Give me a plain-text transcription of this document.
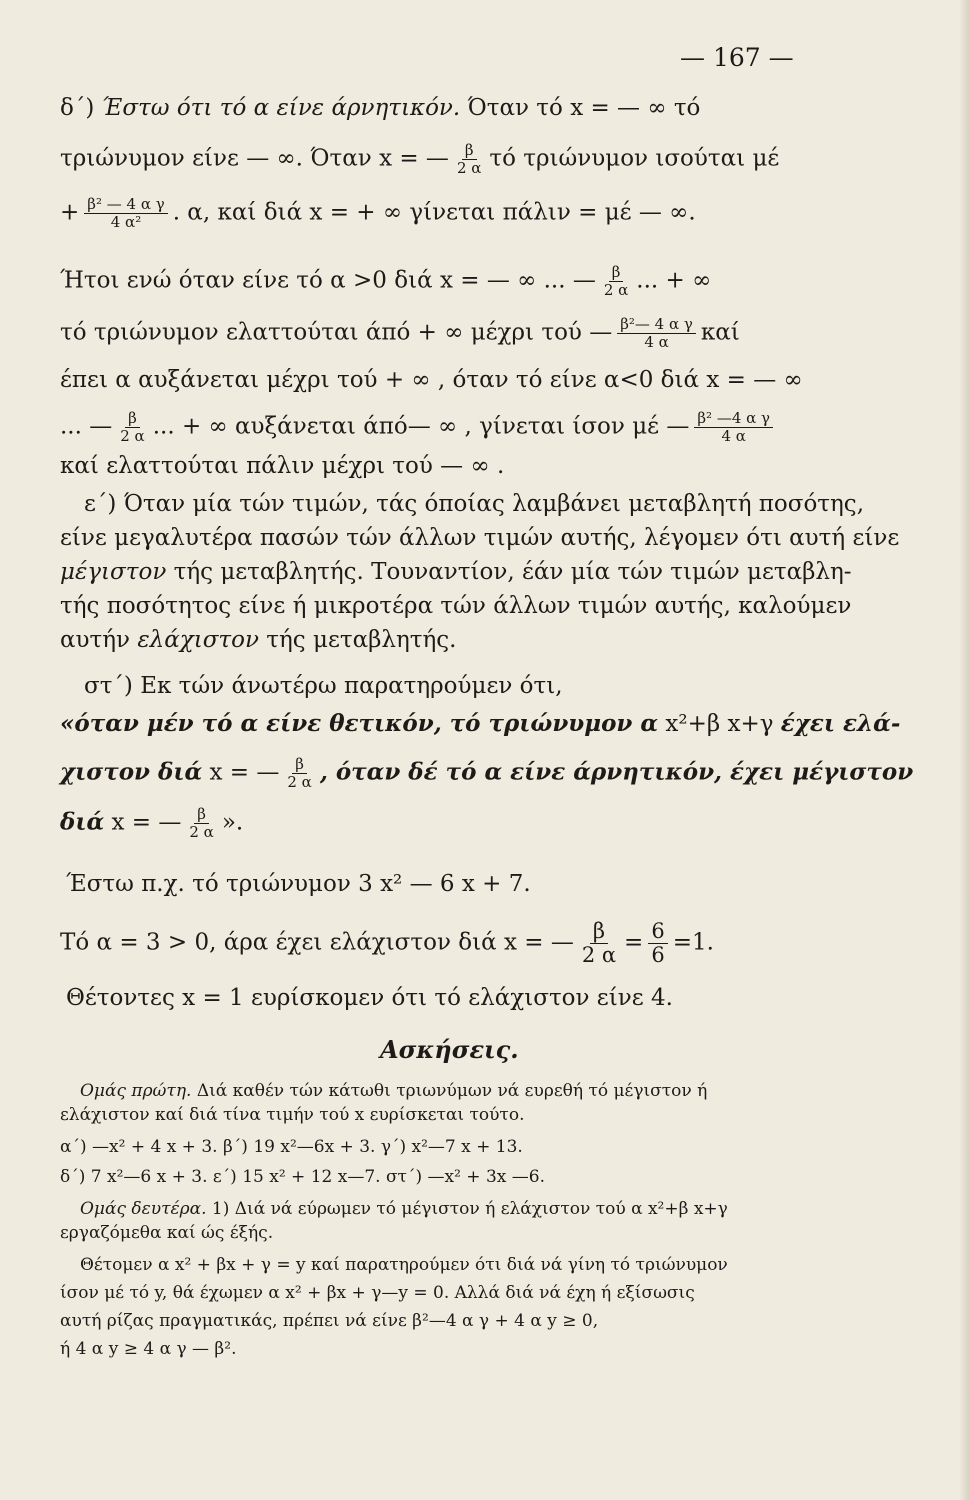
— 167 —
δ΄) Έστω ότι τό α είνε άρνητικόν. Όταν τό x = — ∞ τό
τριώνυμον είνε — ∞. Όταν x = — $\frac{\beta}{2 \alpha}$ τό τριώνυμον ισούται μέ
+ $\frac{\text{β² — 4 α γ}}{\text{4 α²}}$ . α, καί διά x = + ∞ γίνεται πάλιν = μέ — ∞.
Ήτοι ενώ όταν είνε τό α >0 διά x = — ∞ ... — $\frac{\beta}{2 \alpha}$ ... + ∞
τό τριώνυμον ελαττούται άπό + ∞ μέχρι τού — $\frac{\text{β²— 4 α γ}}{4 \alpha}$ καί
έπει α αυξάνεται μέχρι τού + ∞ , όταν τό είνε α<0 διά x = — ∞
... — $\frac{\beta}{2 \alpha}$ ... + ∞ αυξάνεται άπό— ∞ , γίνεται ίσον μέ — $\frac{\text{β² —4 α γ}}{4 \alpha}$
καί ελαττούται πάλιν μέχρι τού — ∞ .
ε΄) Όταν μία τών τιμών, τάς όποίας λαμβάνει μεταβλητή ποσότης,
είνε μεγαλυτέρα πασών τών άλλων τιμών αυτής, λέγομεν ότι αυτή είνε
μέγιστον τής μεταβλητής. Τουναντίον, έάν μία τών τιμών μεταβλη-
τής ποσότητος είνε ή μικροτέρα τών άλλων τιμών αυτής, καλούμεν
αυτήν ελάχιστον τής μεταβλητής.
στ΄) Εκ τών άνωτέρω παρατηρούμεν ότι,
«όταν μέν τό α είνε θετικόν, τό τριώνυμον α x²+β x+γ έχει ελά-
χιστον διά x = — $\frac{\beta}{2 \alpha}$ , όταν δέ τό α είνε άρνητικόν, έχει μέγιστον
διά x = — $\frac{\beta}{2 \alpha}$ ».
Έστω π.χ. τό τριώνυμον 3 x² — 6 x + 7.
Τό α = 3 > 0, άρα έχει ελάχιστον διά x = — $\frac{\beta}{2 \alpha} = \frac{6}{6} =1$.
Θέτοντες x = 1 ευρίσκομεν ότι τό ελάχιστον είνε 4.
Ασκήσεις.
Ομάς πρώτη. Διά καθέν τών κάτωθι τριωνύμων νά ευρεθή τό μέγιστον ή
ελάχιστον καί διά τίνα τιμήν τού x ευρίσκεται τούτο.
α΄) —x² + 4 x + 3. β΄) 19 x²—6x + 3. γ΄) x²—7 x + 13.
δ΄) 7 x²—6 x + 3. ε΄) 15 x² + 12 x—7. στ΄) —x² + 3x —6.
Ομάς δευτέρα. 1) Διά νά εύρωμεν τό μέγιστον ή ελάχιστον τού α x²+β x+γ
εργαζόμεθα καί ώς έξής.
Θέτομεν α x² + βx + γ = y καί παρατηρούμεν ότι διά νά γίνη τό τριώνυμον
ίσον μέ τό y, θά έχωμεν α x² + βx + γ—y = 0. Αλλά διά νά έχη ή εξίσωσις
αυτή ρίζας πραγματικάς, πρέπει νά είνε β²—4 α γ + 4 α y ≥ 0,
ή 4 α y ≥ 4 α γ — β².
